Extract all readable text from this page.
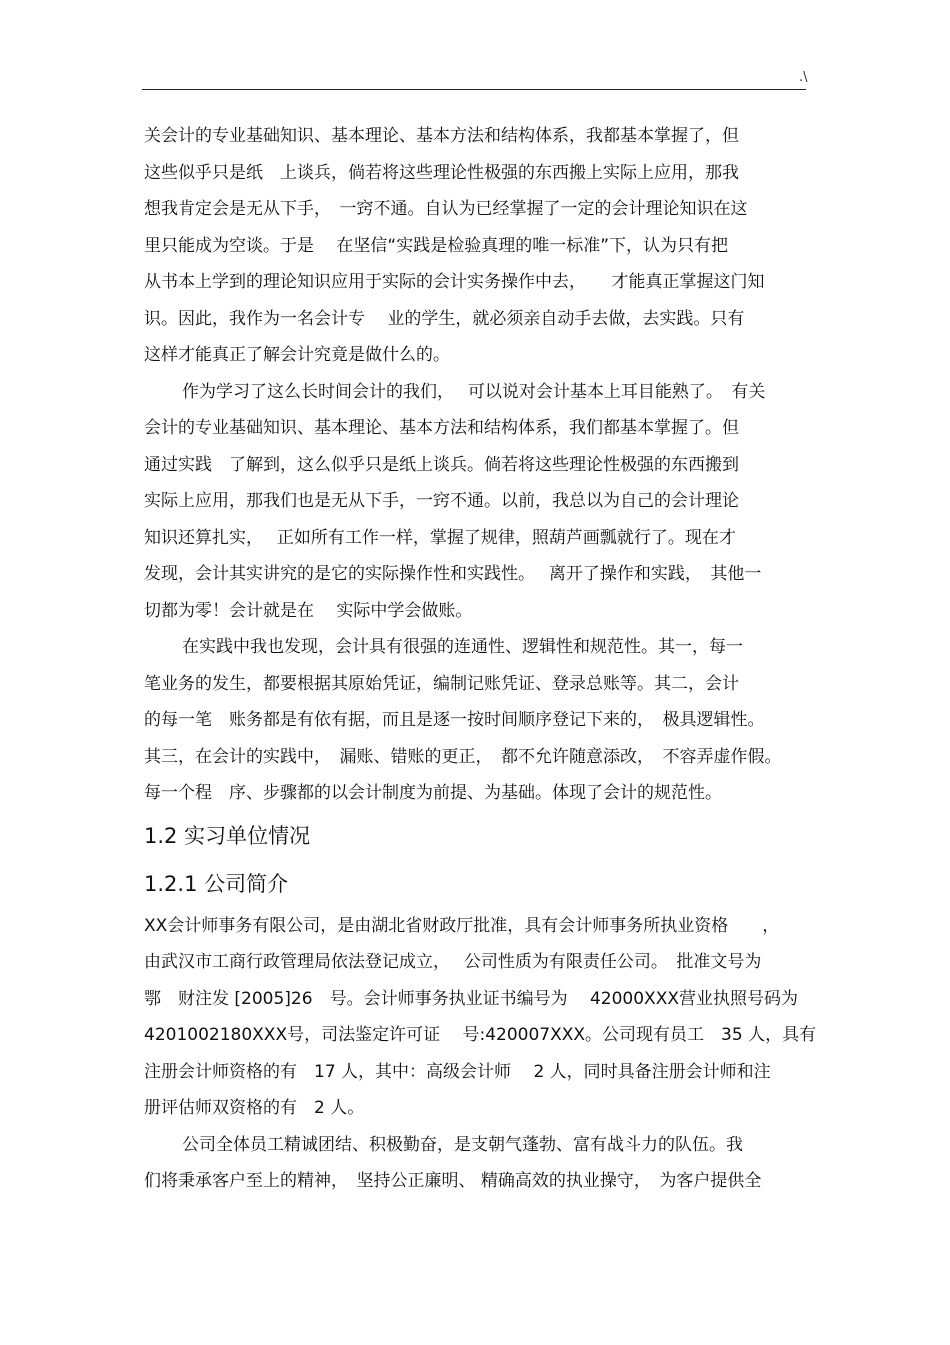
.\
关会计的专业基础知识、基本理论、基本方法和结构体系，我都基本掌握了，但
这些似乎只是纸　上谈兵，倘若将这些理论性极强的东西搬上实际上应用，那我
想我肯定会是无从下手，　一窍不通。自认为已经掌握了一定的会计理论知识在这
里只能成为空谈。于是　 在坚信“实践是检验真理的唯一标准”下，认为只有把
从书本上学到的理论知识应用于实际的会计实务操作中去，　　才能真正掌握这门知
识。因此，我作为一名会计专　 业的学生，就必须亲自动手去做，去实践。只有
这样才能真正了解会计究竟是做什么的。
作为学习了这么长时间会计的我们，　 可以说对会计基本上耳目能熟了。　有关
会计的专业基础知识、基本理论、基本方法和结构体系，我们都基本掌握了。但
通过实践　了解到，这么似乎只是纸上谈兵。倘若将这些理论性极强的东西搬到
实际上应用，那我们也是无从下手，一窍不通。以前，我总以为自己的会计理论
知识还算扎实，　 正如所有工作一样，掌握了规律，照葫芦画瓢就行了。现在才
发现，会计其实讲究的是它的实际操作性和实践性。　 离开了操作和实践，　其他一
切都为零！会计就是在　 实际中学会做账。
在实践中我也发现，会计具有很强的连通性、逻辑性和规范性。其一，每一
笔业务的发生，都要根据其原始凭证，编制记账凭证、登录总账等。其二，会计
的每一笔　账务都是有依有据，而且是逐一按时间顺序登记下来的，　极具逻辑性。
其三，在会计的实践中，　漏账、错账的更正，　都不允许随意添改，　不容弄虚作假。
每一个程　序、步骤都的以会计制度为前提、为基础。体现了会计的规范性。
1.2 实习单位情况
1.2.1 公司简介
XX会计师事务有限公司，是由湖北省财政厅批准，具有会计师事务所执业资格　　，
由武汉市工商行政管理局依法登记成立，　 公司性质为有限责任公司。　批准文号为
鄂　财注发 [2005]26　号。会计师事务执业证书编号为　 42000XXX营业执照号码为
4201002180XXX号，司法鉴定许可证　 号:420007XXX。公司现有员工　35 人，具有
注册会计师资格的有　17 人，其中：高级会计师　 2 人，同时具备注册会计师和注
册评估师双资格的有　2 人。
公司全体员工精诚团结、积极勤奋，是支朝气蓬勃、富有战斗力的队伍。我
们将秉承客户至上的精神，　坚持公正廉明、 精确高效的执业操守，　为客户提供全
